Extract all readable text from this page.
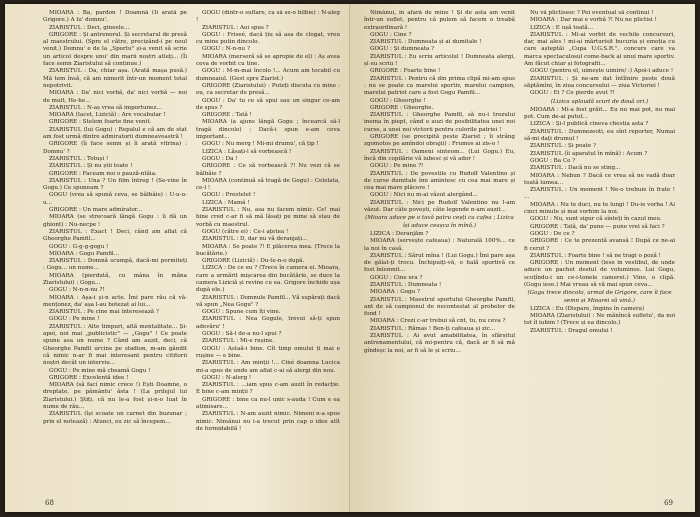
MIOARA : Ba, pardon ! Doamnă (Îi arată pe Grigore.) A lu' domnu'.

ZIARISTUL : Deci, gineele...

GRIGORE : Și antrenorul. Și secretarul de presă al maestrului. (Spre el către, precizând-i pe noul venit.) Domnu' e de la „Sportu" și-a venit să scrie un articol despre unu' din marii noștri atleți... (Îi face semn Ziaristului să continue.)

ZIARISTUL : Da, chiar așa. (Arată mașa pusă.) Mă tem însă, că am nimerit într-un moment total nepotrivit.

MIOARA : Da' nici vorbă, da' nici vorbă — noi de mult, He-he...

ZIARISTUL : N-aș vrea să importunez...

MIOARA (Iacet, Liziciă) : Are vocabular !

GRIGORE : Stelem foarte fine venit.

ZIARISTUL (lui Gogu) : Repalul e că am de stat am fost urmă dintre admiratorii dumneavoastră !

GRIGORE (îi face semn și îi arată vitrina) : Domnu' ?

ZIARISTUL : Totuși !

ZIARISTUL : Și nu știi toate !

GRIGORE : Faceam noi o pauză-ntâia.

ZIARISTUL : Una ? Un film întreg ! (Se-vine în Gogu.) Ce spuneam ?

GOGU (vrea să spună ceva, se bâlbâie) : U-u-u-u...

GRIGORE : Un mare admirator...

MIOARA (se strecoară lângă Gogu : îi dă un ghiont) : Nu-necpe !

ZIARISTUL : Exact ! Deci, când am aflat că Gheorghe Pamfil...

GOGU : G-g-g-gogu !

MIOARA : Gogu Pamfil...

ZIARISTUL : Domnă scumpă, dacă-mi permiteți : Gogu... un nume...

MIOARA (pierdută, cu mâna în mâna Ziaristului) : Gogu...

GOGU : N-n-n-nu ?!

MIOARA : Așa-i și-n acte. Îmi pare rău că vă-mențonez, da' așa l-au botezat ai lui...

ZIARISTUL : Pe cine mai interesează ?

GOGU : Pe mine !

ZIARISTUL : Alte timpuri, altă mentalitate... Și-apoi, noi mai „publicistic" — „Gogu" ! Ce poate spune asa un nume ? Când am auzit, deci, că Gheorghe Pamfil urcine pe stadion, m-am gândit că nimic n-ar fi mai interesant pentru cititorii noștri decât un interviu...

GOGU : Pe mine mă cheamă Gogu !

GRIGORE : Excelentă idee !

MIOARA (să fací nimic crece !) Ești Doamne, o dreptate, pe pământu' ăsta ! (La prilejul lui Ziaristului.) Știți, că nu le-a fost și-n-o luat în nume de rău...

ZIARISTUL (își scoate un carnet din buzunar ; prin el notează) : Atunci, eu zic să începem...

GOGU (dintr-o suflare, ca să se-o bilbie) : N-aleg !

ZIARISTUL : Aoi spus ?

GOGU : Friseé, dacă țiu să asa de clogat, vreu cu mine putin dincolo.

GOGU : N-n-nu ?

MIOARA (merseră să se apropie de el) : Aș avea ceva de vorbit cu tine.

GOGU : M-m-mai încolo !... Acum am tocabil cu dumneaiul. (Gest spre Ziarist.)

GRIGORE (Ziaristului) : Puteți discuta cu mine : eu, ca secretar de presă...

GOGU : Da' tu ce să spui sau un singur ce-am de spus ?

GRIGORE : Tată !

MIOARA (a ajuns lângă Gogu ; încearcă să-l tragă dincolo) : Dacă-i spun e-am ceva important...

GOGU : Nu merg ! Mi-mi drumu', că țip !

LIZICA : Lăsați-l să vorbească !

GOGU : Da !

GRIGORE : Ce să vorbească ?! Nu vezi că se bâlbâie ?

MIOARA (continuă să tragă de Gogu) : Celelata, ce-l !

GOGU : Prestelet !

LIZICA : Mamă !

ZIARISTUL : Nu, asa nu facem nimic. Ce! mai bine cred c-ar fi să mă lăsați pe mine să stau de vorbă cu maestrul.

GOGU (către ei) : Ce-i ațetea !

ZIARISTUL : D, dar nu vă deranjați...

MIOARA : Se poate ?! E plăcerea mea. (Trece la bucătărie.)

GRIGORE (Liziciă) : Du-te-n-o după.

LIZICA : De ce eu ? (Trece în camera ei. Mioara, care a urmărit mișcarea din bucătărie, se duce la camera Liziciă și revine cu ea. Grigore închide ușa după ele.)

ZIARISTUL : Domnule Pamfil... Vă supărați dacă vă spun „Nea Gogu" ?

GOGU : Spune cum îți vine.

ZIARISTUL : Nea Gogule, trevui să-ți spun adevăru' !

GOGU : Să-l de-a nu-l spui ?

ZIARISTUL : Mi-e rușine.

GOGU : Astaă-i bine. Cît timp omului ți mai e rușine — e bine.

ZIARISTUL : Am minții !... Ciné doamna Lucica mi-a spus de unde am aflat c-ai să alergi din nou.

GOGU : N-alerg !

ZIARISTUL : ...iam spus c-am auzit în redacție. E bine c-am minții ?

GRIGORE : bine ca nu-l unic s-auda ! Cum e ea atimisare...

ZIARISTUL : N-am auzit nimic. Nimeni n-a spus nimic. Nimănui nu i-a trecut prin cap o idee atît de formidabilă !

68

Nimănui, în afară de mine ! Și de asta am venit într-un suflet, pentru că pulem să facem o treabă extraordinară !

GOGU : Cine ?

ZIARISTUL : Dumneata și ai dumitale !

GOGU : Și dumneata ?

ZIARISTUL : Eu scriu articolul ! Dumneata alergi, și eu scriu !

GRIGORE : Foarte bine !

ZIARISTUL : Pentru că din prima clipă mi-am spus : nu se poate ca marelui sportiv, marelui campion, marelui patriot care a fost Gogu Pamfil...

GOGU : Gheorghe !

GRIGORE : Gheorghe.

ZIARISTUL : Gheorghe Pamfil, să nu-i trezului inema în piept, când o auzi de posibilitatea unei noi curse, a unei noi victorii pentru culorile patriei !

GRIGORE (se precipită peste Ziarist ; îi strâng zgomotos pe amîndoi obrajii) : Frumos ai zis-o !

ZIARISTUL : Oameni sinteom... (Lui Gogu.) Eu, încă din copilărie vă iubesc și vă ador !

GOGU : Pe mine ?!

ZIARISTUL : De povestile cu Rudolf Valentino și de curse dumitale îmi amintesc cu cea mai mare și cea mai mare plăcere !

GOGU : Nici nu m-ai văzut alergând...

ZIARISTUL : Nici pe Rudolf Valentino nu l-am văzut. Dar câte povești, câte legende n-am auzit...

(Mioara aduce pe o tavă patru ceșți cu cafea ; Lizica își aduce ceașca în mînă.)

LIZICA : Deranjăm ?

MIOARA (servește cafeaua) : Naturală 100%... ce la noi în casă.

ZIARISTUL : Sărut mîna ! (Lui Gogu.) Îmi pare așa de gălat-ți trocu. Închipuiți-vă, o hală sportivă ce fost înlemnit...

GOGU : Cine era ?

ZIARISTUL : Dumneata !

MIOARA : Gogu ?

ZIARISTUL : Maestrul sportului Gheorghe Pamfil, ant de să campionul de necontestat al probelor de fond !

MIOARA : Crezi c-ar trebui să cnt, tu, nu ceva ?

ZIARISTUL : Rămas ! Ben-ți cafeaua și zic...

ZIARISTUL : Ai avut amabilitatea, în sfârșitul antrenamentului, că mi-pentru că, dacă ar fi să mă gîndeșc la noi, ar fi să le și scriu...

Nu vă plictisesc ? Poi eventual să continui !

MIOARA : Dar mai e vorbă ?! Nu ne plictisi !

LIZICA : E ușă toată...

ZIARISTUL : Mi-ai vorbit de vechile concursuri, dar, mai ales ! mi-ai mărturisit bucuria și emoția cu care așteptăi „Cupa U.G.S.R.", concurs care va marca spectaculosul come-back al unui mare sportiv. Am făcut chiar și fotografii...

GOGU (pentru el, uimește uimire/ :) Apoi-i aduce !

ZIARISTUL : Și ne-am dat întîlnire peste două săptămîni, în ziua concursului — ziua Victoriei !

GOGU : Ei ? Ce pierde avut ?!

(Lizica aplaudă scurt de două ori.)

MIOARA : Mi-a fost grăit... Eu nu mai pot, nu mai pot. Cum de-ai putut...

LIZICA : Și-l publică cineva chestia asta ?

ZIARISTUL : Dumnezeoti, eu sînt reporter, Numai să-mi dați drumul !

ZIARISTUL : Și poate ?

ZIARISTUL (îi aparatul în mînă) : Acum ?

GOGU : Ba Ce ?

ZIARISTUL : Dacă nu se sting...

MIOARA : Nebun ? Dacă ce vrea să ne vadă doar toată lumea...

ZIARISTUL : Un moment ! Ne-o trebuie în frate ! ...

MIOARA : Nu te duci, nu te lungi ! Du-ie vorba ! Ai cinci minute și mai vorbim la noi.

GOGU : Nu, sunt sigur că sînteți în cazul meu.

GRIGORE : Tată, da' pune — pune vrei să faci ?

GOGU : De ce ?

GRIGORE : Ce te prezentă avansă ! După ce ne-ai fi cerut ?

ZIARISTUL : Foarte bine ! să ne tragi o poză !

GRIGORE : Un moment (lese in vestibul, de unde aduce un pachet destul de voluminos. Lui Gogu, scoțîndu-i un ce-i-tonele camerei.) Vino, o clipă. (Gogu iese.) Mai vreau să vă mai spun ceva...

(Gogu trece dincolo, urmat de Grigore, care îi face semn și Mioarei să vină.)

LIZICA : Eu (Dispare, împins în camera)

MIOARA (Ziaristului) : Ne mănîncă sufletu', da noi tot îl iubim ! (Trece și ea dincolo.)

ZIARISTUL : Dragul omului !

69
